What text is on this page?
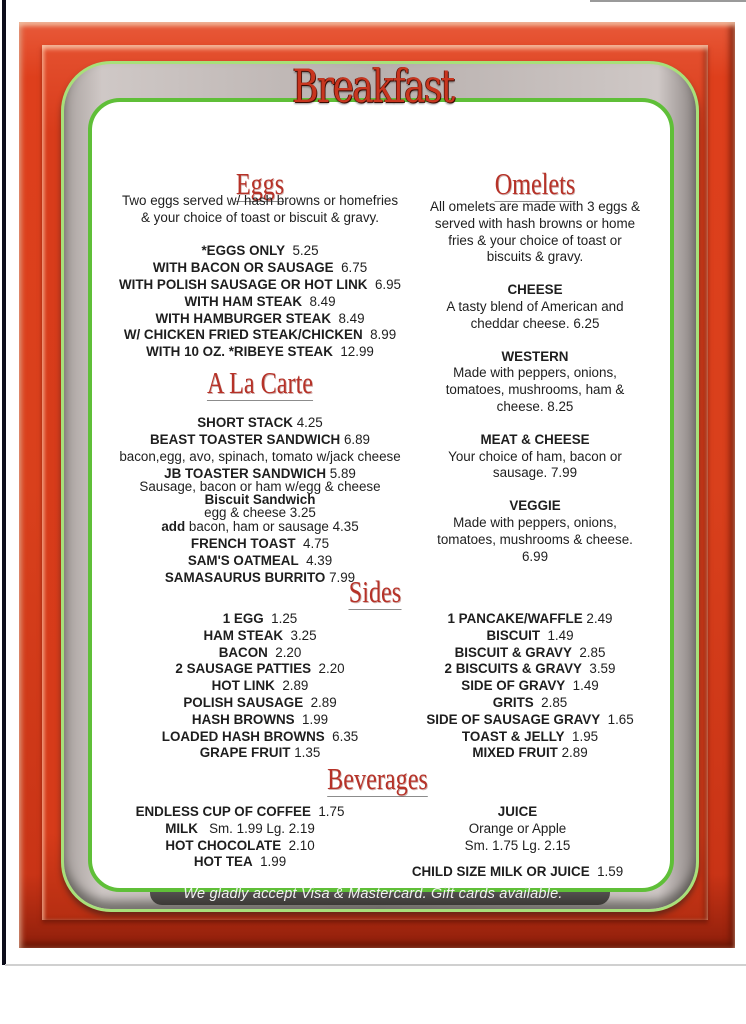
Breakfast
Eggs
Two eggs served w/ hash browns or homefries
& your choice of toast or biscuit & gravy.
*EGGS ONLY 5.25
WITH BACON OR SAUSAGE 6.75
WITH POLISH SAUSAGE OR HOT LINK 6.95
WITH HAM STEAK 8.49
WITH HAMBURGER STEAK 8.49
W/ CHICKEN FRIED STEAK/CHICKEN 8.99
WITH 10 OZ. *RIBEYE STEAK 12.99
A La Carte
SHORT STACK 4.25
BEAST TOASTER SANDWICH 6.89
bacon,egg, avo, spinach, tomato w/jack cheese
JB TOASTER SANDWICH 5.89
Sausage, bacon or ham w/egg & cheese
Biscuit Sandwich
egg & cheese 3.25
add bacon, ham or sausage 4.35
FRENCH TOAST 4.75
SAM'S OATMEAL 4.39
SAMASAURUS BURRITO 7.99
Omelets
All omelets are made with 3 eggs &
served with hash browns or home
fries & your choice of toast or
biscuits & gravy.
CHEESE
A tasty blend of American and
cheddar cheese. 6.25
WESTERN
Made with peppers, onions,
tomatoes, mushrooms, ham &
cheese. 8.25
MEAT & CHEESE
Your choice of ham, bacon or
sausage. 7.99
VEGGIE
Made with peppers, onions,
tomatoes, mushrooms & cheese.
6.99
Sides
1 EGG 1.25
HAM STEAK 3.25
BACON 2.20
2 SAUSAGE PATTIES 2.20
HOT LINK 2.89
POLISH SAUSAGE 2.89
HASH BROWNS 1.99
LOADED HASH BROWNS 6.35
GRAPE FRUIT 1.35
1 PANCAKE/WAFFLE 2.49
BISCUIT 1.49
BISCUIT & GRAVY 2.85
2 BISCUITS & GRAVY 3.59
SIDE OF GRAVY 1.49
GRITS 2.85
SIDE OF SAUSAGE GRAVY 1.65
TOAST & JELLY 1.95
MIXED FRUIT 2.89
Beverages
ENDLESS CUP OF COFFEE 1.75
MILK Sm. 1.99 Lg. 2.19
HOT CHOCOLATE 2.10
HOT TEA 1.99
JUICE
Orange or Apple
Sm. 1.75 Lg. 2.15
CHILD SIZE MILK OR JUICE 1.59
We gladly accept Visa & Mastercard. Gift cards available.
